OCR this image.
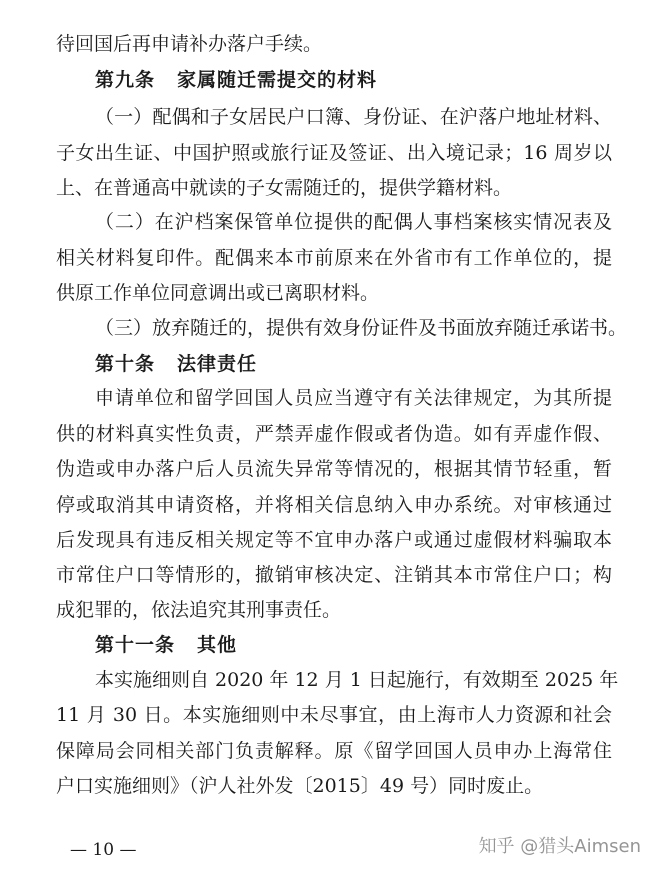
待回国后再申请补办落户手续。
第九条 家属随迁需提交的材料
（一）配偶和子女居民户口簿、身份证、在沪落户地址材料、
子女出生证、中国护照或旅行证及签证、出入境记录；16 周岁以
上、在普通高中就读的子女需随迁的，提供学籍材料。
（二）在沪档案保管单位提供的配偶人事档案核实情况表及
相关材料复印件。配偶来本市前原来在外省市有工作单位的，提
供原工作单位同意调出或已离职材料。
（三）放弃随迁的，提供有效身份证件及书面放弃随迁承诺书。
第十条 法律责任
申请单位和留学回国人员应当遵守有关法律规定，为其所提
供的材料真实性负责，严禁弄虚作假或者伪造。如有弄虚作假、
伪造或申办落户后人员流失异常等情况的，根据其情节轻重，暂
停或取消其申请资格，并将相关信息纳入申办系统。对审核通过
后发现具有违反相关规定等不宜申办落户或通过虚假材料骗取本
市常住户口等情形的，撤销审核决定、注销其本市常住户口；构
成犯罪的，依法追究其刑事责任。
第十一条 其他
本实施细则自 2020 年 12 月 1 日起施行，有效期至 2025 年
11 月 30 日。本实施细则中未尽事宜，由上海市人力资源和社会
保障局会同相关部门负责解释。原《留学回国人员申办上海常住
户口实施细则》（沪人社外发〔2015〕49 号）同时废止。
— 10 —	知乎 @猎头Aimsen
